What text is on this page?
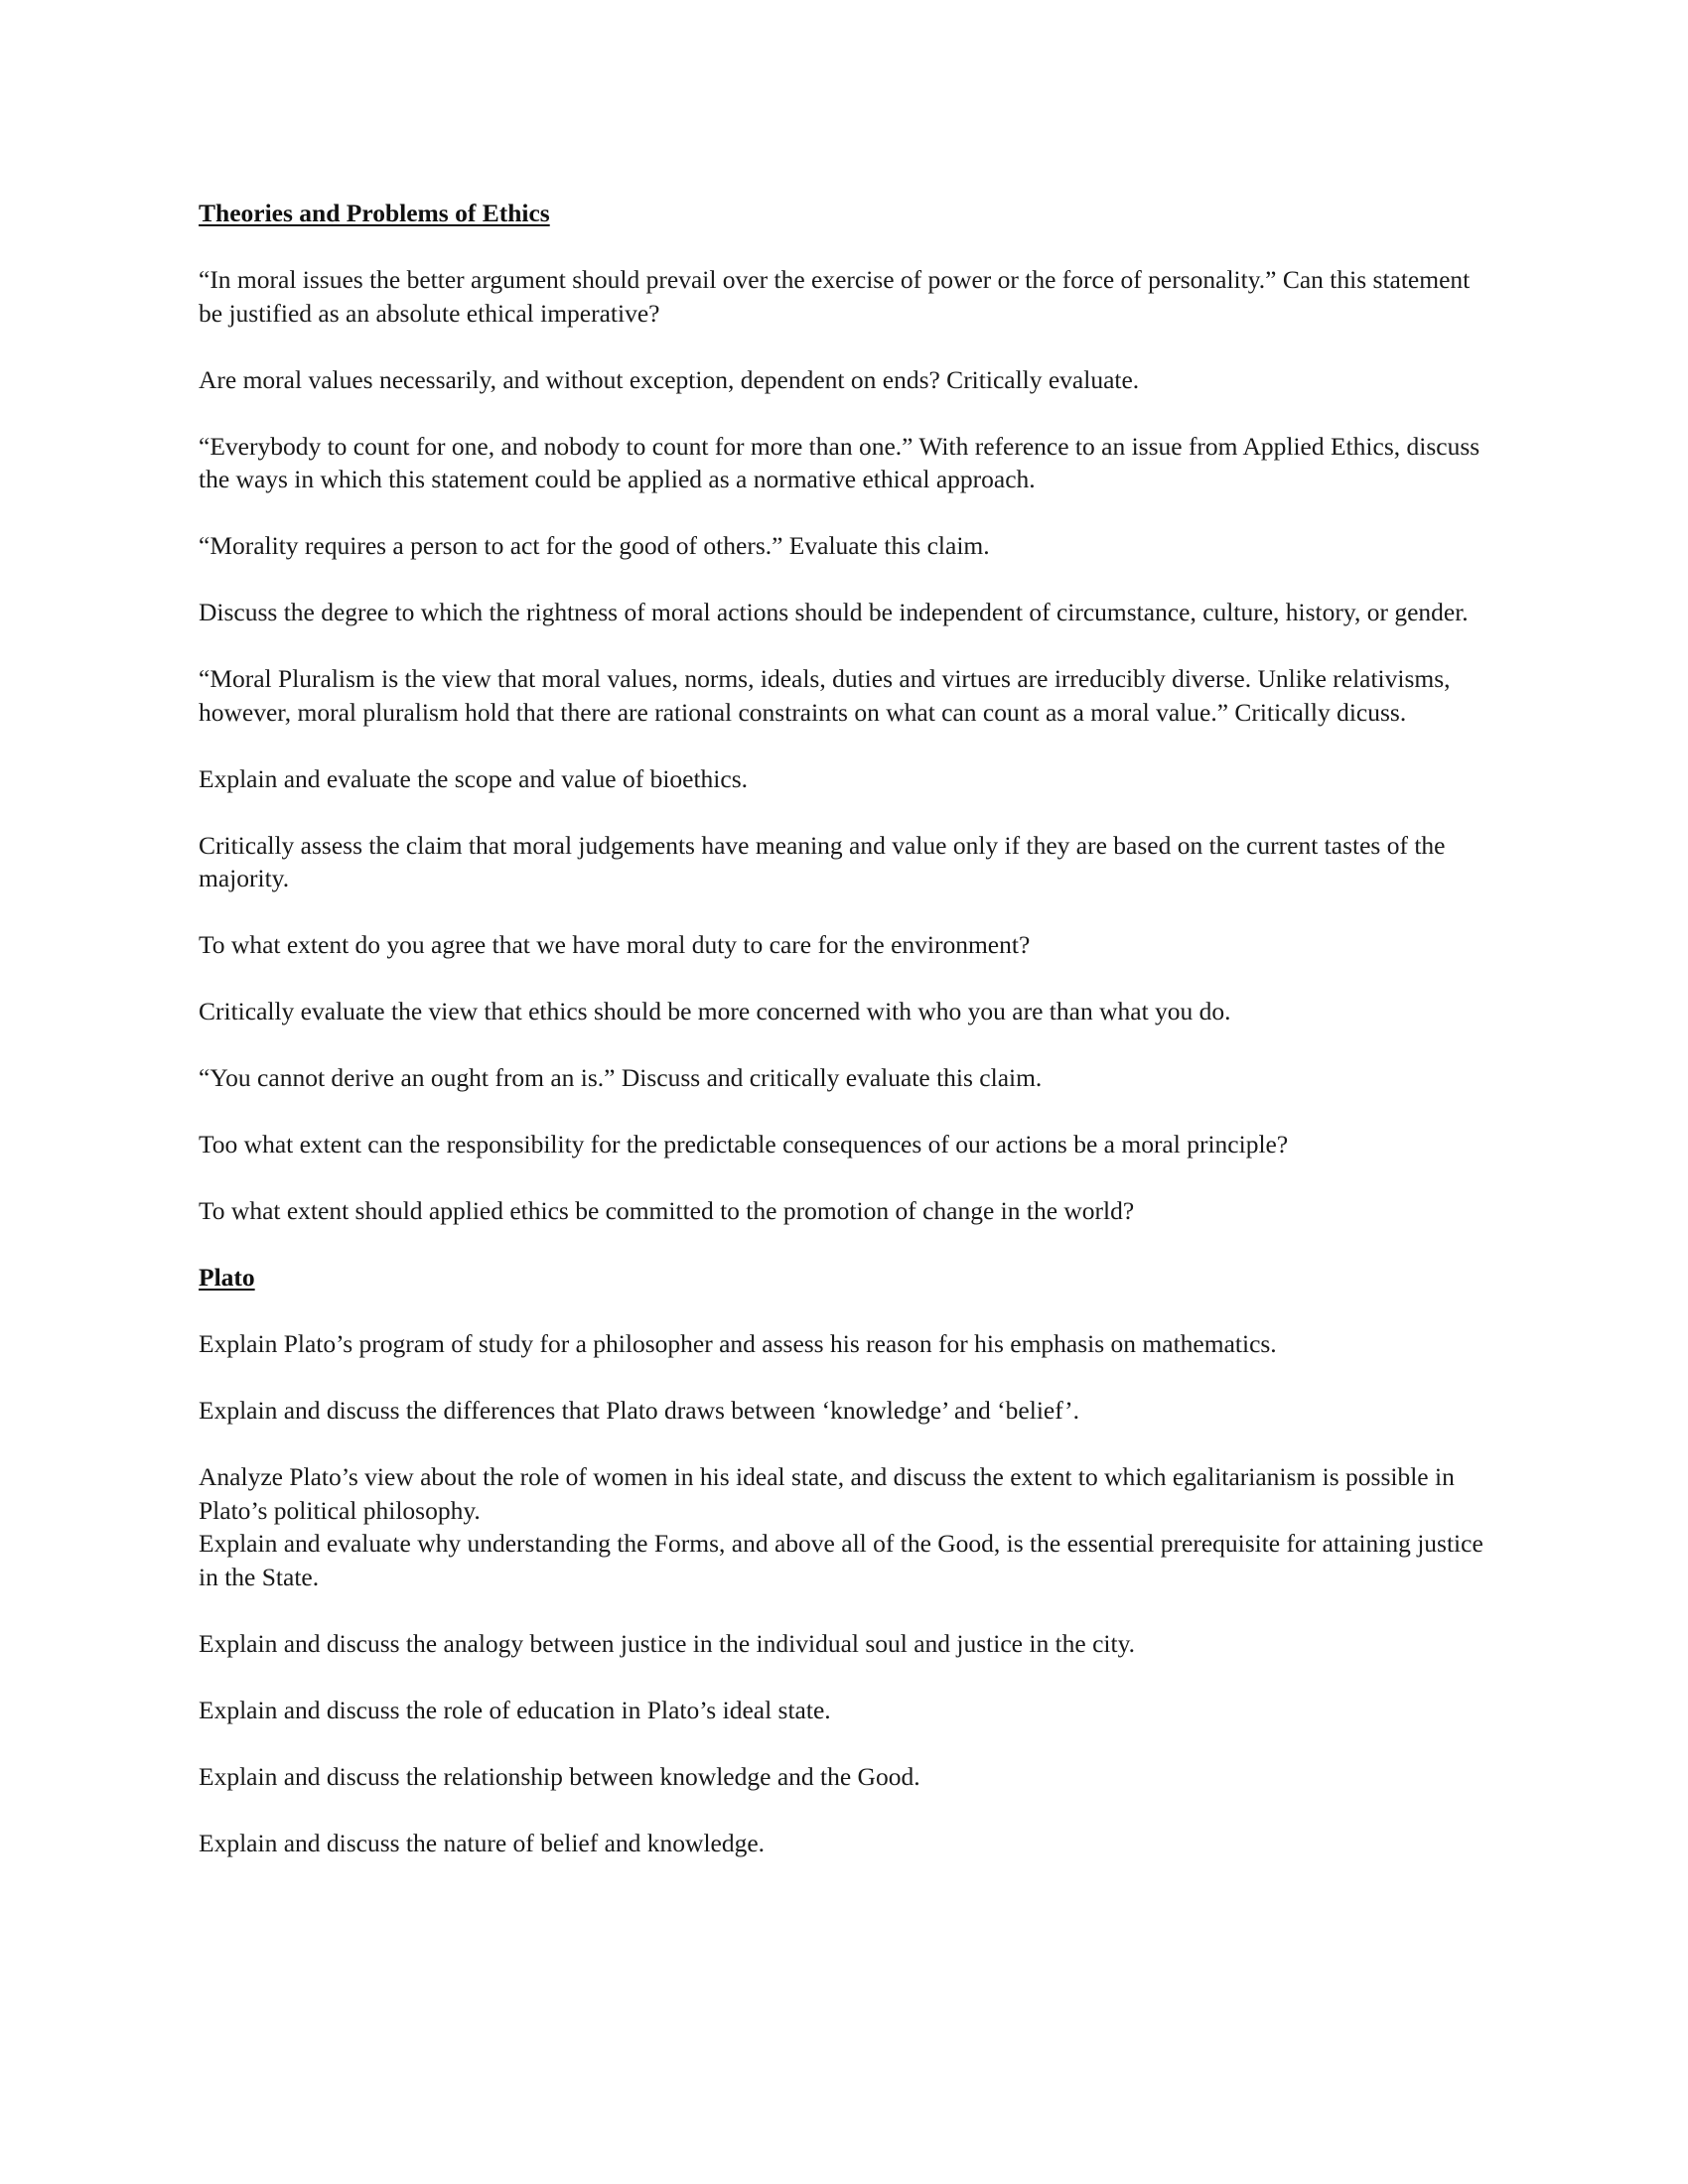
Theories and Problems of Ethics

“In moral issues the better argument should prevail over the exercise of power or the force of personality.” Can this statement be justified as an absolute ethical imperative?

Are moral values necessarily, and without exception, dependent on ends? Critically evaluate.

“Everybody to count for one, and nobody to count for more than one.” With reference to an issue from Applied Ethics, discuss the ways in which this statement could be applied as a normative ethical approach.

“Morality requires a person to act for the good of others.” Evaluate this claim.

Discuss the degree to which the rightness of moral actions should be independent of circumstance, culture, history, or gender.

“Moral Pluralism is the view that moral values, norms, ideals, duties and virtues are irreducibly diverse. Unlike relativisms, however, moral pluralism hold that there are rational constraints on what can count as a moral value.” Critically dicuss.

Explain and evaluate the scope and value of bioethics.

Critically assess the claim that moral judgements have meaning and value only if they are based on the current tastes of the majority.

To what extent do you agree that we have moral duty to care for the environment?

Critically evaluate the view that ethics should be more concerned with who you are than what you do.

“You cannot derive an ought from an is.” Discuss and critically evaluate this claim.

Too what extent can the responsibility for the predictable consequences of our actions be a moral principle?

To what extent should applied ethics be committed to the promotion of change in the world?

Plato

Explain Plato’s program of study for a philosopher and assess his reason for his emphasis on mathematics.

Explain and discuss the differences that Plato draws between ‘knowledge’ and ‘belief’.

Analyze Plato’s view about the role of women in his ideal state, and discuss the extent to which egalitarianism is possible in Plato’s political philosophy.

Explain and evaluate why understanding the Forms, and above all of the Good, is the essential prerequisite for attaining justice in the State.

Explain and discuss the analogy between justice in the individual soul and justice in the city.

Explain and discuss the role of education in Plato’s ideal state.

Explain and discuss the relationship between knowledge and the Good.

Explain and discuss the nature of belief and knowledge.
